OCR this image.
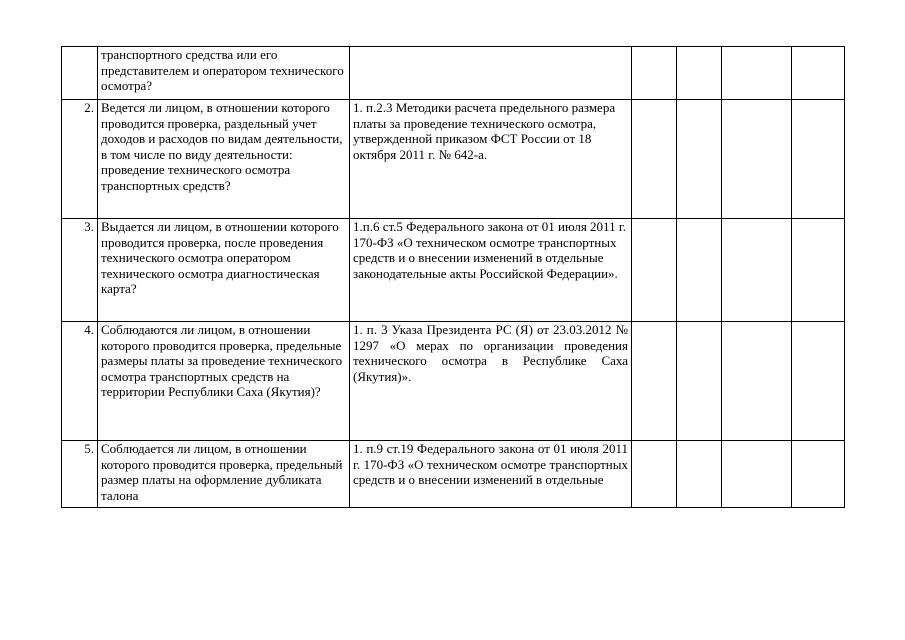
	транспортного средства или его представителем и оператором технического осмотра?					
2.	Ведется ли лицом, в отношении которого проводится проверка, раздельный учет доходов и расходов по видам деятельности, в том числе по виду деятельности: проведение технического осмотра транспортных средств?	1. п.2.3 Методики расчета предельного размера платы за проведение технического осмотра, утвержденной приказом ФСТ России от 18 октября 2011 г. № 642-а.				
3.	Выдается ли лицом, в отношении которого проводится проверка, после проведения технического осмотра оператором технического осмотра диагностическая карта?	1.п.6 ст.5 Федерального закона от 01 июля 2011 г. 170-ФЗ «О техническом осмотре транспортных средств и о внесении изменений в отдельные законодательные акты Российской Федерации».				
4.	Соблюдаются ли лицом, в отношении которого проводится проверка, предельные размеры платы за проведение технического осмотра транспортных средств на территории Республики Саха (Якутия)?	1. п. 3 Указа Президента РС (Я) от 23.03.2012 № 1297 «О мерах по организации проведения технического осмотра в Республике Саха (Якутия)».				
5.	Соблюдается ли лицом, в отношении которого проводится проверка, предельный размер платы на оформление дубликата талона	1. п.9 ст.19 Федерального закона от 01 июля 2011 г. 170-ФЗ «О техническом осмотре транспортных средств и о внесении изменений в отдельные				
